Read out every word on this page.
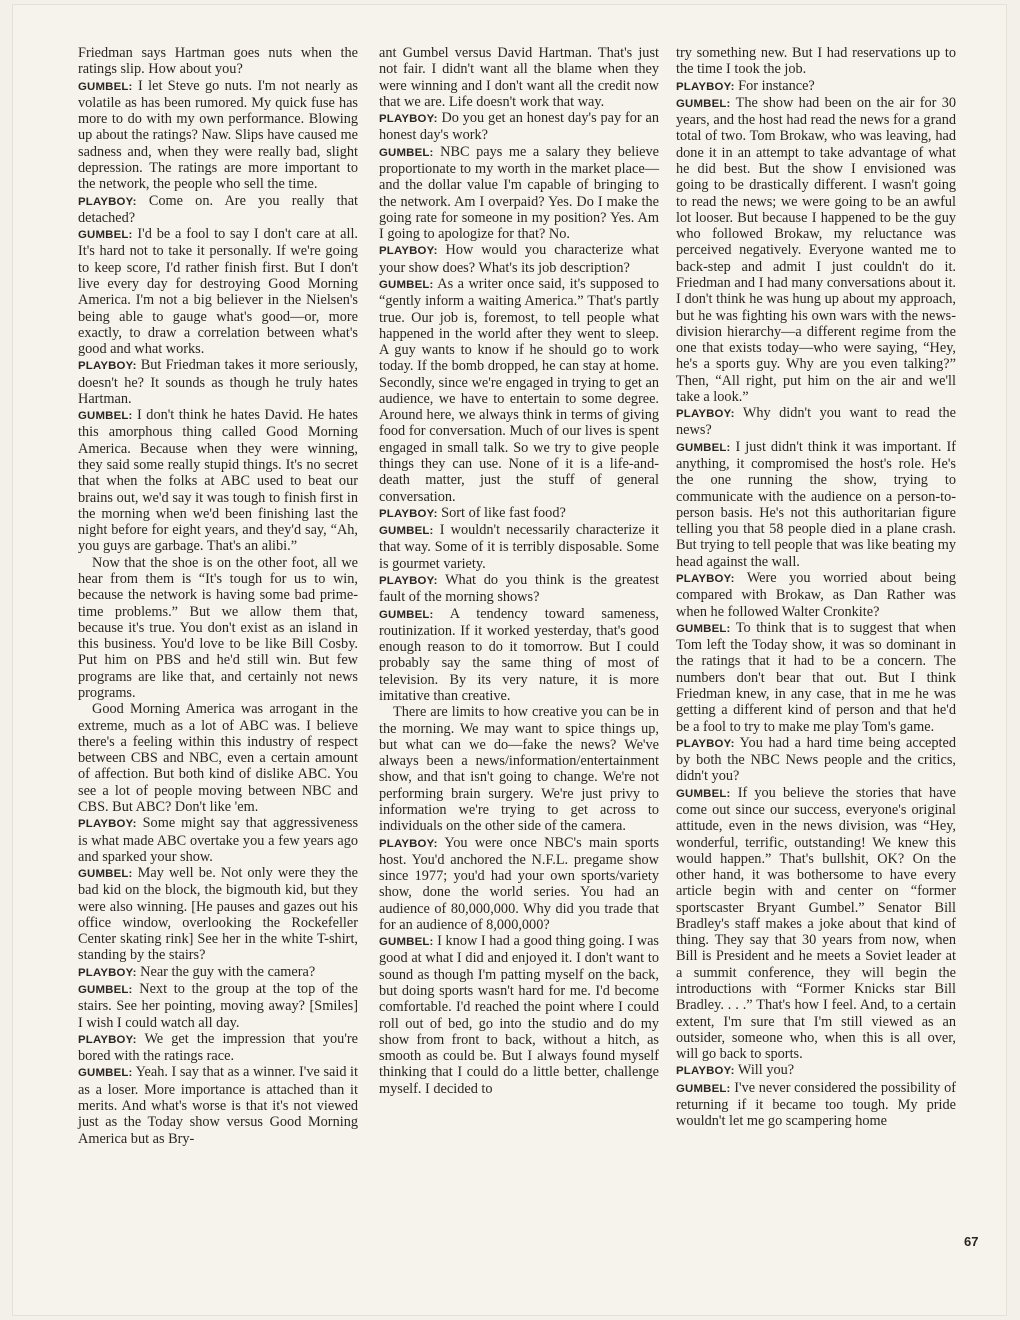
Friedman says Hartman goes nuts when the ratings slip. How about you?

GUMBEL: I let Steve go nuts. I'm not nearly as volatile as has been rumored. My quick fuse has more to do with my own performance. Blowing up about the ratings? Naw. Slips have caused me sadness and, when they were really bad, slight depression. The ratings are more important to the network, the people who sell the time.

PLAYBOY: Come on. Are you really that detached?

GUMBEL: I'd be a fool to say I don't care at all. It's hard not to take it personally. If we're going to keep score, I'd rather finish first. But I don't live every day for destroying Good Morning America. I'm not a big believer in the Nielsen's being able to gauge what's good—or, more exactly, to draw a correlation between what's good and what works.

PLAYBOY: But Friedman takes it more seriously, doesn't he? It sounds as though he truly hates Hartman.

GUMBEL: I don't think he hates David. He hates this amorphous thing called Good Morning America. Because when they were winning, they said some really stupid things. It's no secret that when the folks at ABC used to beat our brains out, we'd say it was tough to finish first in the morning when we'd been finishing last the night before for eight years, and they'd say, “Ah, you guys are garbage. That's an alibi.”

Now that the shoe is on the other foot, all we hear from them is “It's tough for us to win, because the network is having some bad prime-time problems.” But we allow them that, because it's true. You don't exist as an island in this business. You'd love to be like Bill Cosby. Put him on PBS and he'd still win. But few programs are like that, and certainly not news programs.

Good Morning America was arrogant in the extreme, much as a lot of ABC was. I believe there's a feeling within this industry of respect between CBS and NBC, even a certain amount of affection. But both kind of dislike ABC. You see a lot of people moving between NBC and CBS. But ABC? Don't like 'em.

PLAYBOY: Some might say that aggressiveness is what made ABC overtake you a few years ago and sparked your show.

GUMBEL: May well be. Not only were they the bad kid on the block, the bigmouth kid, but they were also winning. [He pauses and gazes out his office window, overlooking the Rockefeller Center skating rink] See her in the white T-shirt, standing by the stairs?

PLAYBOY: Near the guy with the camera?

GUMBEL: Next to the group at the top of the stairs. See her pointing, moving away? [Smiles] I wish I could watch all day.

PLAYBOY: We get the impression that you're bored with the ratings race.

GUMBEL: Yeah. I say that as a winner. I've said it as a loser. More importance is attached than it merits. And what's worse is that it's not viewed just as the Today show versus Good Morning America but as Bry-

ant Gumbel versus David Hartman. That's just not fair. I didn't want all the blame when they were winning and I don't want all the credit now that we are. Life doesn't work that way.

PLAYBOY: Do you get an honest day's pay for an honest day's work?

GUMBEL: NBC pays me a salary they believe proportionate to my worth in the market place—and the dollar value I'm capable of bringing to the network. Am I overpaid? Yes. Do I make the going rate for someone in my position? Yes. Am I going to apologize for that? No.

PLAYBOY: How would you characterize what your show does? What's its job description?

GUMBEL: As a writer once said, it's supposed to “gently inform a waiting America.” That's partly true. Our job is, foremost, to tell people what happened in the world after they went to sleep. A guy wants to know if he should go to work today. If the bomb dropped, he can stay at home. Secondly, since we're engaged in trying to get an audience, we have to entertain to some degree. Around here, we always think in terms of giving food for conversation. Much of our lives is spent engaged in small talk. So we try to give people things they can use. None of it is a life-and-death matter, just the stuff of general conversation.

PLAYBOY: Sort of like fast food?

GUMBEL: I wouldn't necessarily characterize it that way. Some of it is terribly disposable. Some is gourmet variety.

PLAYBOY: What do you think is the greatest fault of the morning shows?

GUMBEL: A tendency toward sameness, routinization. If it worked yesterday, that's good enough reason to do it tomorrow. But I could probably say the same thing of most of television. By its very nature, it is more imitative than creative.

There are limits to how creative you can be in the morning. We may want to spice things up, but what can we do—fake the news? We've always been a news/information/entertainment show, and that isn't going to change. We're not performing brain surgery. We're just privy to information we're trying to get across to individuals on the other side of the camera.

PLAYBOY: You were once NBC's main sports host. You'd anchored the N.F.L. pregame show since 1977; you'd had your own sports/variety show, done the world series. You had an audience of 80,000,000. Why did you trade that for an audience of 8,000,000?

GUMBEL: I know I had a good thing going. I was good at what I did and enjoyed it. I don't want to sound as though I'm patting myself on the back, but doing sports wasn't hard for me. I'd become comfortable. I'd reached the point where I could roll out of bed, go into the studio and do my show from front to back, without a hitch, as smooth as could be. But I always found myself thinking that I could do a little better, challenge myself. I decided to

try something new. But I had reservations up to the time I took the job.

PLAYBOY: For instance?

GUMBEL: The show had been on the air for 30 years, and the host had read the news for a grand total of two. Tom Brokaw, who was leaving, had done it in an attempt to take advantage of what he did best. But the show I envisioned was going to be drastically different. I wasn't going to read the news; we were going to be an awful lot looser. But because I happened to be the guy who followed Brokaw, my reluctance was perceived negatively. Everyone wanted me to back-step and admit I just couldn't do it. Friedman and I had many conversations about it. I don't think he was hung up about my approach, but he was fighting his own wars with the news-division hierarchy—a different regime from the one that exists today—who were saying, “Hey, he's a sports guy. Why are you even talking?” Then, “All right, put him on the air and we'll take a look.”

PLAYBOY: Why didn't you want to read the news?

GUMBEL: I just didn't think it was important. If anything, it compromised the host's role. He's the one running the show, trying to communicate with the audience on a person-to-person basis. He's not this authoritarian figure telling you that 58 people died in a plane crash. But trying to tell people that was like beating my head against the wall.

PLAYBOY: Were you worried about being compared with Brokaw, as Dan Rather was when he followed Walter Cronkite?

GUMBEL: To think that is to suggest that when Tom left the Today show, it was so dominant in the ratings that it had to be a concern. The numbers don't bear that out. But I think Friedman knew, in any case, that in me he was getting a different kind of person and that he'd be a fool to try to make me play Tom's game.

PLAYBOY: You had a hard time being accepted by both the NBC News people and the critics, didn't you?

GUMBEL: If you believe the stories that have come out since our success, everyone's original attitude, even in the news division, was “Hey, wonderful, terrific, outstanding! We knew this would happen.” That's bullshit, OK? On the other hand, it was bothersome to have every article begin with and center on “former sportscaster Bryant Gumbel.” Senator Bill Bradley's staff makes a joke about that kind of thing. They say that 30 years from now, when Bill is President and he meets a Soviet leader at a summit conference, they will begin the introductions with “Former Knicks star Bill Bradley. . . .” That's how I feel. And, to a certain extent, I'm sure that I'm still viewed as an outsider, someone who, when this is all over, will go back to sports.

PLAYBOY: Will you?

GUMBEL: I've never considered the possibility of returning if it became too tough. My pride wouldn't let me go scampering home

67
